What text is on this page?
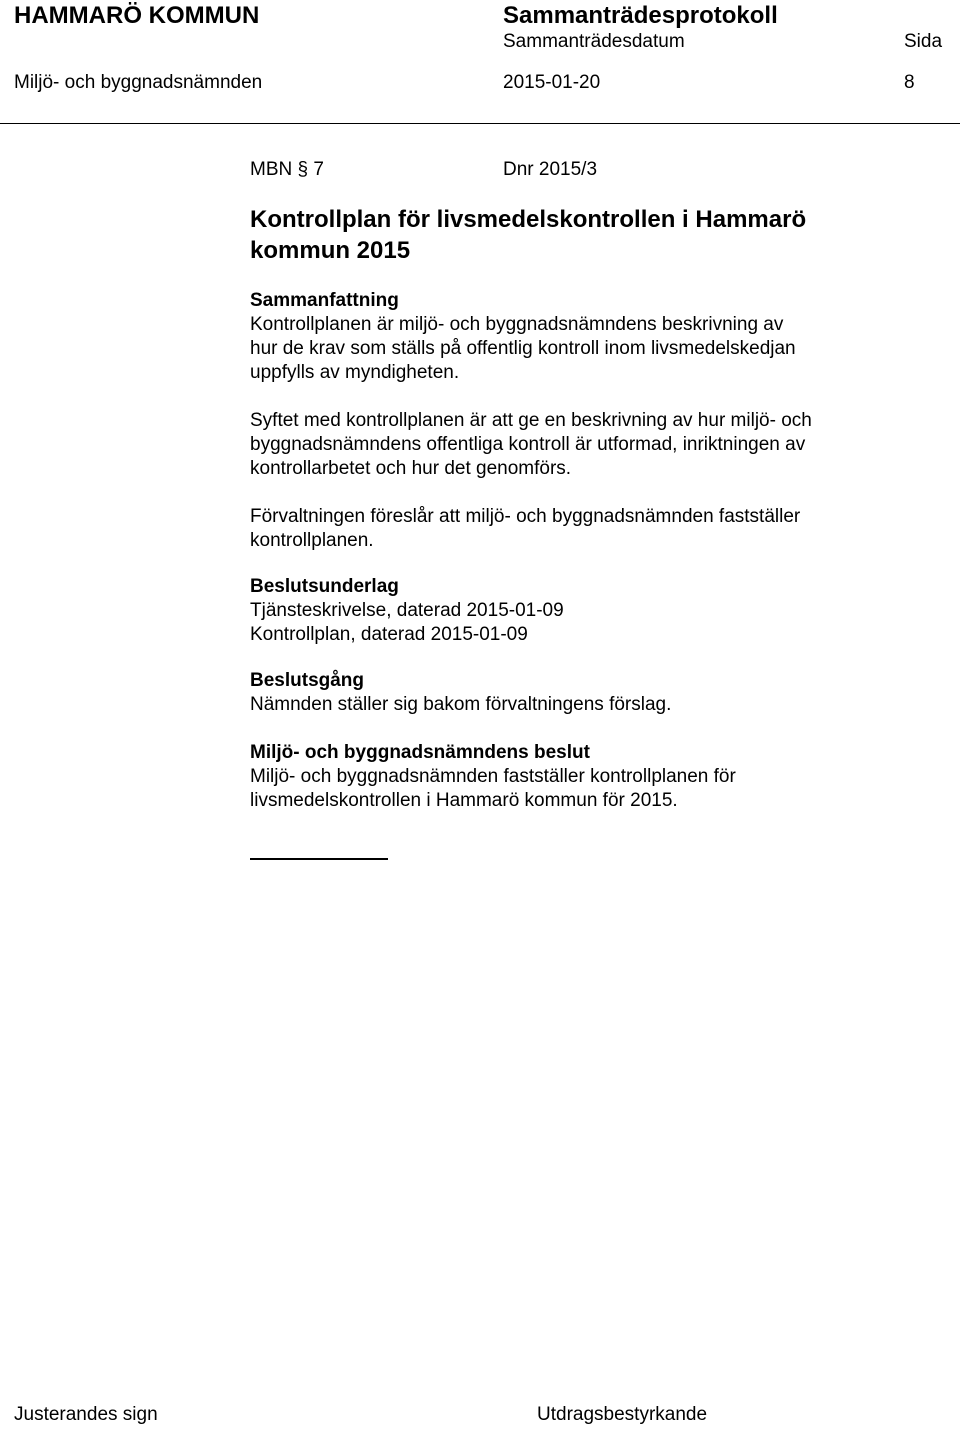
HAMMARÖ KOMMUN	Sammanträdesprotokoll
Sammanträdesdatum	Sida
Miljö- och byggnadsnämnden	2015-01-20	8
MBN § 7	Dnr 2015/3
Kontrollplan för livsmedelskontrollen i Hammarö
kommun 2015
Sammanfattning
Kontrollplanen är miljö- och byggnadsnämndens beskrivning av
hur de krav som ställs på offentlig kontroll inom livsmedelskedjan
uppfylls av myndigheten.
Syftet med kontrollplanen är att ge en beskrivning av hur miljö- och
byggnadsnämndens offentliga kontroll är utformad, inriktningen av
kontrollarbetet och hur det genomförs.
Förvaltningen föreslår att miljö- och byggnadsnämnden fastställer
kontrollplanen.
Beslutsunderlag
Tjänsteskrivelse, daterad 2015-01-09
Kontrollplan, daterad 2015-01-09
Beslutsgång
Nämnden ställer sig bakom förvaltningens förslag.
Miljö- och byggnadsnämndens beslut
Miljö- och byggnadsnämnden fastställer kontrollplanen för
livsmedelskontrollen i Hammarö kommun för 2015.
Justerandes sign	Utdragsbestyrkande
